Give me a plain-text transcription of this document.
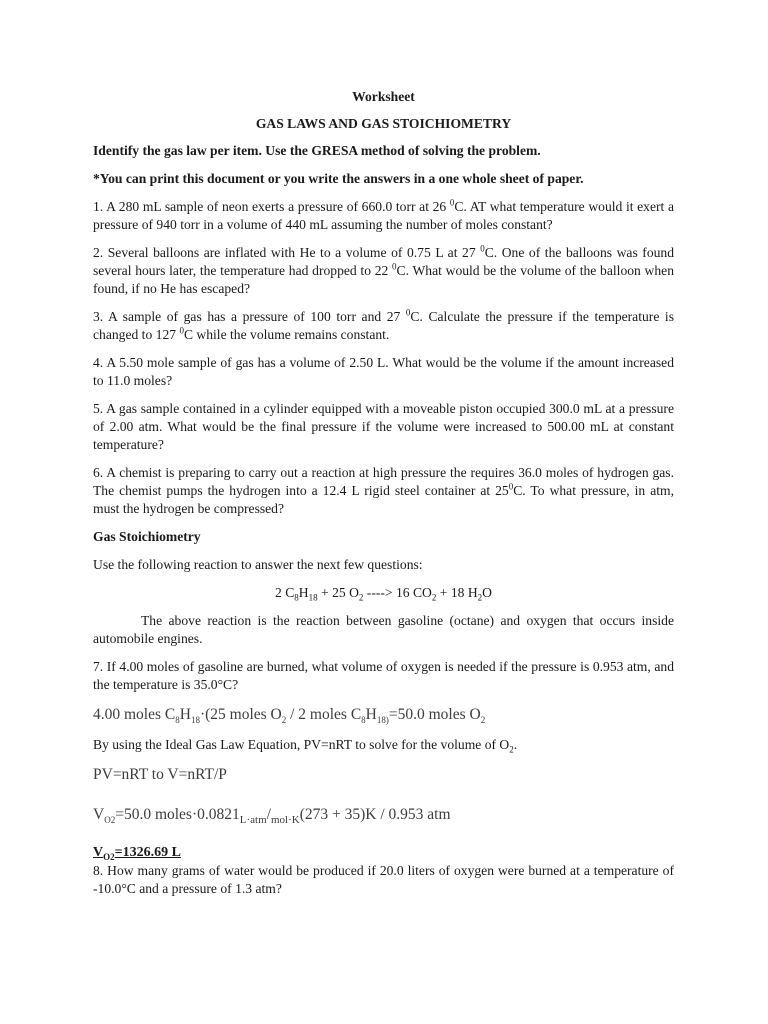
Worksheet

GAS LAWS AND GAS STOICHIOMETRY

Identify the gas law per item. Use the GRESA method of solving the problem.

*You can print this document or you write the answers in a one whole sheet of paper.

1. A 280 mL sample of neon exerts a pressure of 660.0 torr at 26 $^0$C. AT what temperature would it exert a pressure of 940 torr in a volume of 440 mL assuming the number of moles constant?

2. Several balloons are inflated with He to a volume of 0.75 L at 27 $^0$C. One of the balloons was found several hours later, the temperature had dropped to 22 $^0$C. What would be the volume of the balloon when found, if no He has escaped?

3. A sample of gas has a pressure of 100 torr and 27 $^0$C. Calculate the pressure if the temperature is changed to 127 $^0$C while the volume remains constant.

4. A 5.50 mole sample of gas has a volume of 2.50 L. What would be the volume if the amount increased to 11.0 moles?

5. A gas sample contained in a cylinder equipped with a moveable piston occupied 300.0 mL at a pressure of 2.00 atm. What would be the final pressure if the volume were increased to 500.00 mL at constant temperature?

6. A chemist is preparing to carry out a reaction at high pressure the requires 36.0 moles of hydrogen gas. The chemist pumps the hydrogen into a 12.4 L rigid steel container at $25^0C$. To what pressure, in atm, must the hydrogen be compressed?

Gas Stoichiometry

Use the following reaction to answer the next few questions:

2 $C_8H_{18} + 25$ $O_2$ ----> 16 $CO_2 + 18$ $H_2O$

The above reaction is the reaction between gasoline (octane) and oxygen that occurs inside automobile engines.

7. If 4.00 moles of gasoline are burned, what volume of oxygen is needed if the pressure is 0.953 atm, and the temperature is 35.0°C?

4.00 moles $C_8H_{18}\cdot(25$ moles $O_2 / 2$ moles $C_8H_{18)}=50.0$ moles $O_2$

By using the Ideal Gas Law Equation, PV=nRT to solve for the volume of $O_2$.

PV=nRT to V=nRT/P

$V_{O2}=50.0$ $moles\cdot 0.0821_{L\cdot atm}/_{mol\cdot K}(273 + 35)K / 0.953$ atm

$V_{O2}=1326.69$ L

8. How many grams of water would be produced if 20.0 liters of oxygen were burned at a temperature of -10.0°C and a pressure of 1.3 atm?
